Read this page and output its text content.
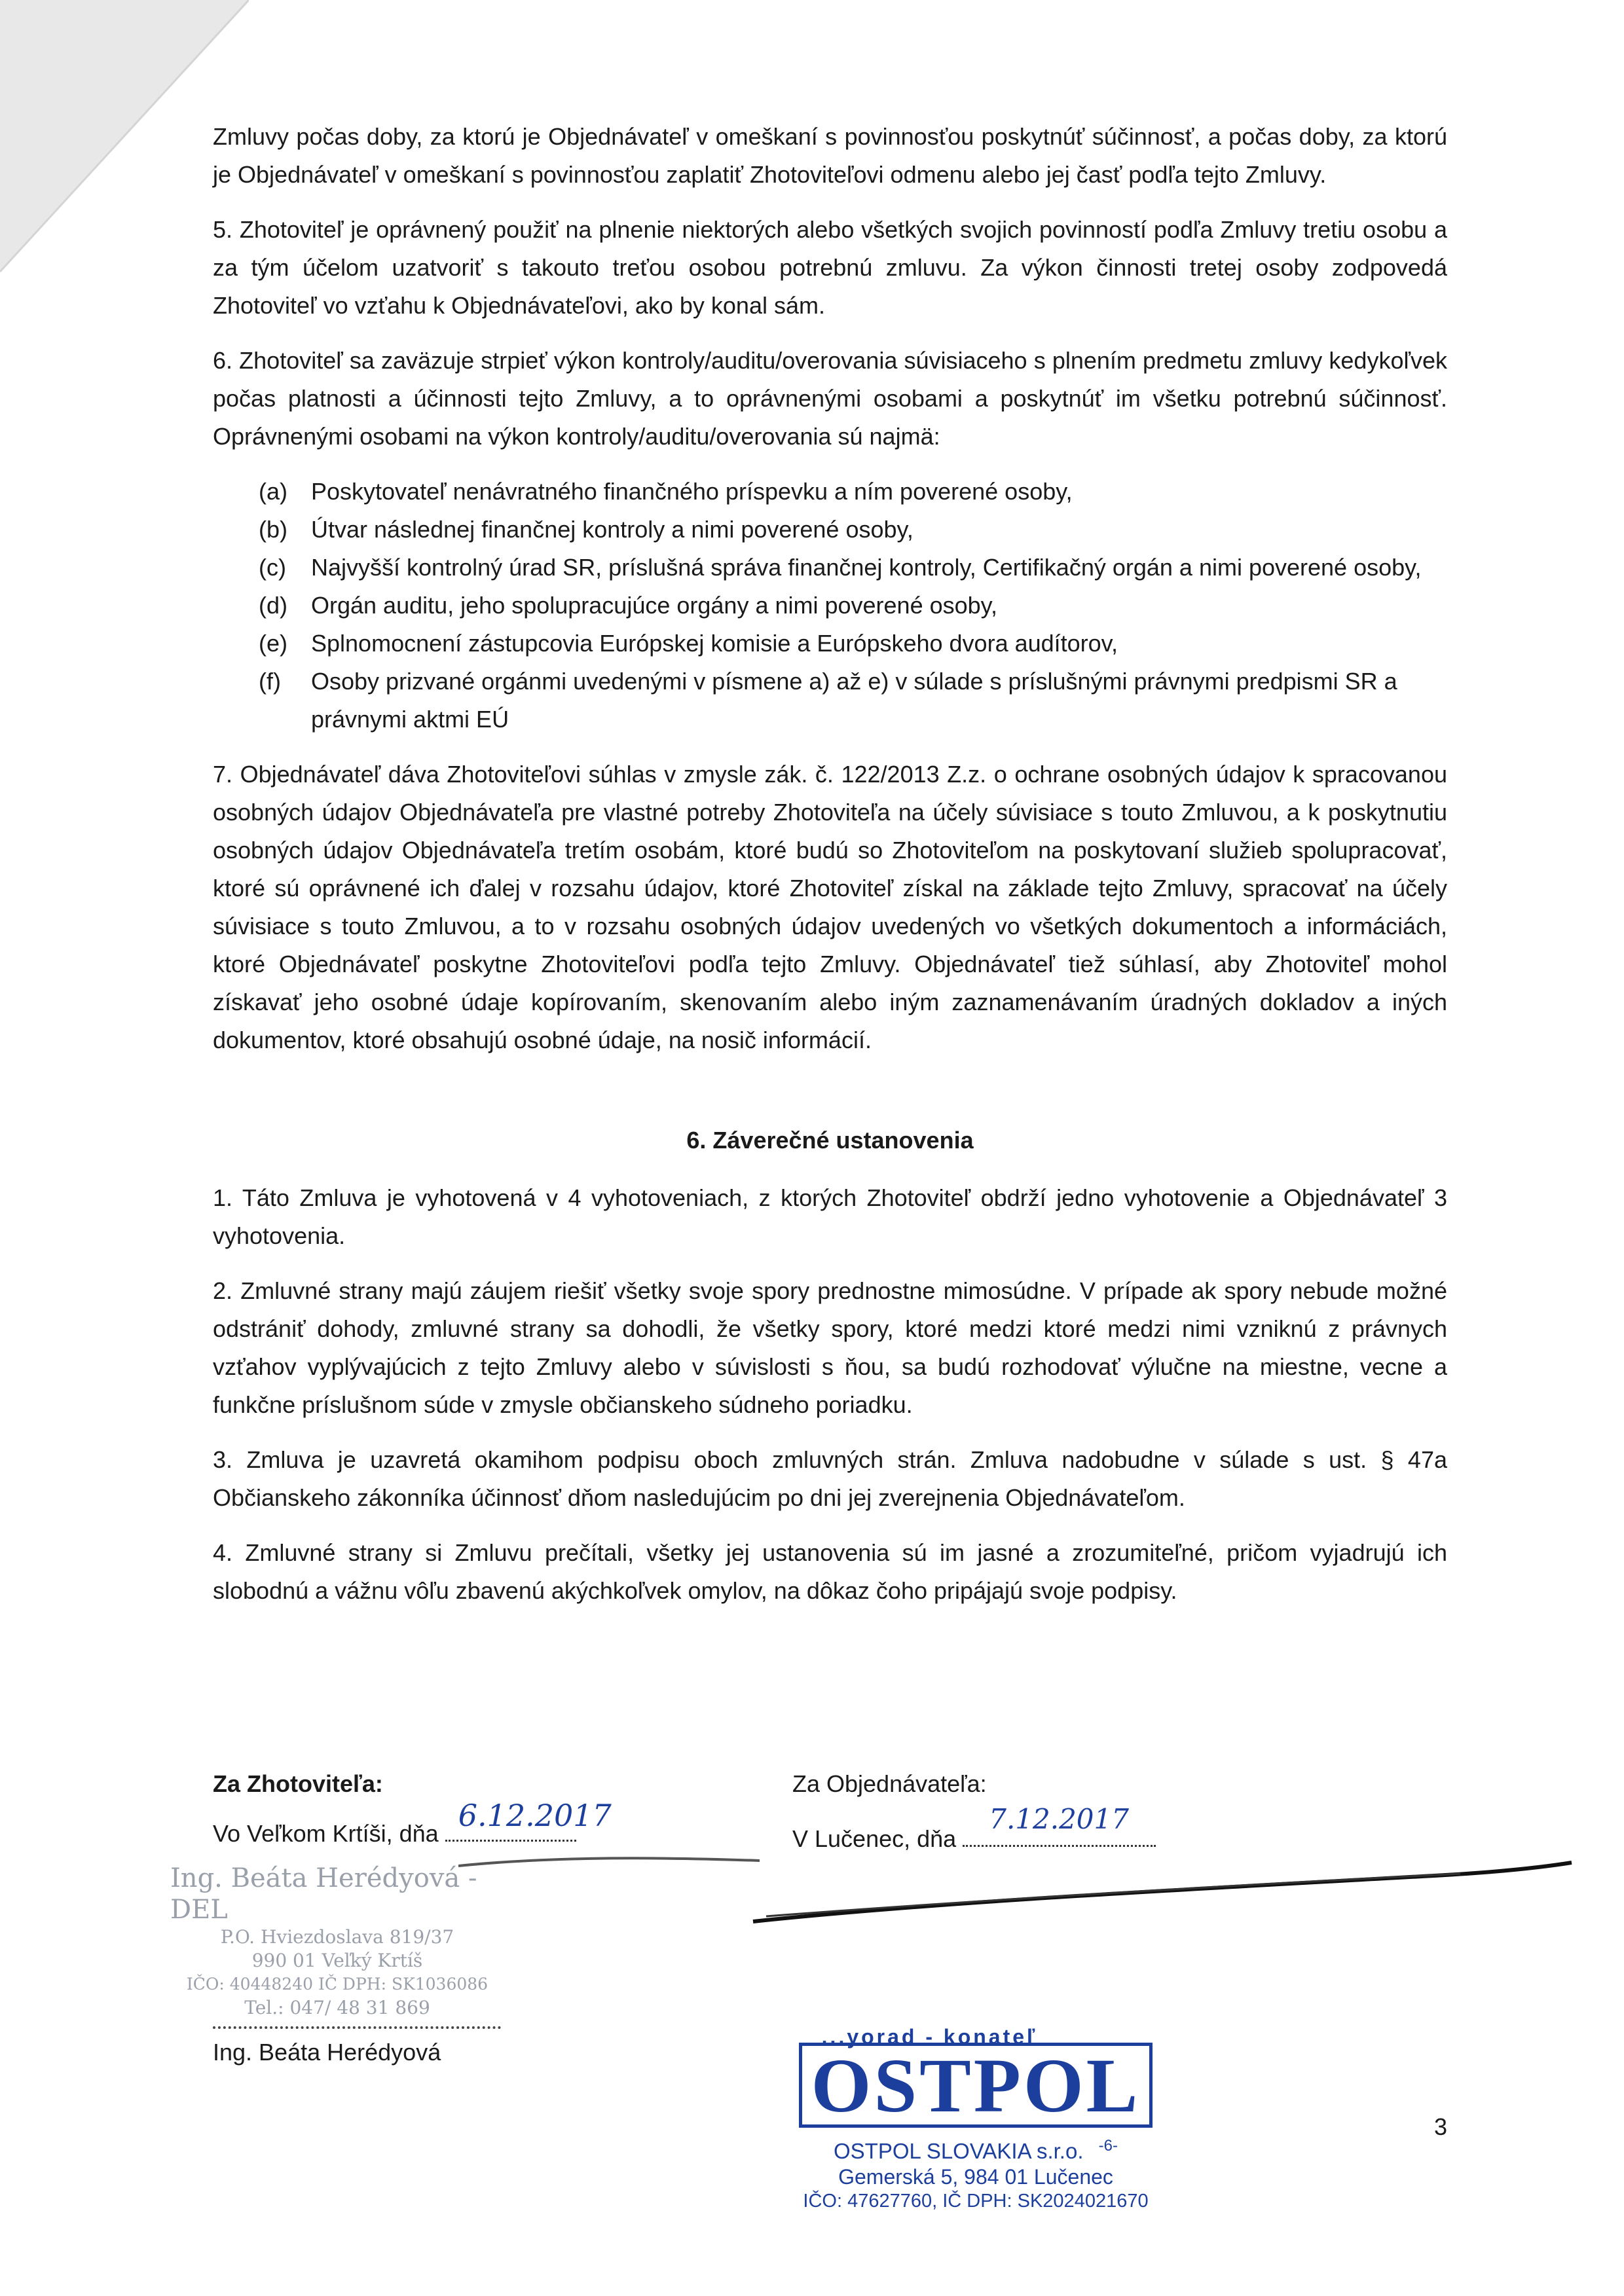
Zmluvy počas doby, za ktorú je Objednávateľ v omeškaní s povinnosťou poskytnúť súčinnosť, a počas doby, za ktorú je Objednávateľ v omeškaní s povinnosťou zaplatiť Zhotoviteľovi odmenu alebo jej časť podľa tejto Zmluvy.

5. Zhotoviteľ je oprávnený použiť na plnenie niektorých alebo všetkých svojich povinností podľa Zmluvy tretiu osobu a za tým účelom uzatvoriť s takouto treťou osobou potrebnú zmluvu. Za výkon činnosti tretej osoby zodpovedá Zhotoviteľ vo vzťahu k Objednávateľovi, ako by konal sám.

6. Zhotoviteľ sa zaväzuje strpieť výkon kontroly/auditu/overovania súvisiaceho s plnením predmetu zmluvy kedykoľvek počas platnosti a účinnosti tejto Zmluvy, a to oprávnenými osobami a poskytnúť im všetku potrebnú súčinnosť. Oprávnenými osobami na výkon kontroly/auditu/overovania sú najmä:

(a)	Poskytovateľ nenávratného finančného príspevku a ním poverené osoby,
(b)	Útvar následnej finančnej kontroly a nimi poverené osoby,
(c)	Najvyšší kontrolný úrad SR, príslušná správa finančnej kontroly, Certifikačný orgán a nimi poverené osoby,
(d)	Orgán auditu, jeho spolupracujúce orgány a nimi poverené osoby,
(e)	Splnomocnení zástupcovia Európskej komisie a Európskeho dvora audítorov,
(f)	Osoby prizvané orgánmi uvedenými v písmene a) až e) v súlade s príslušnými právnymi predpismi SR a právnymi aktmi EÚ

7. Objednávateľ dáva Zhotoviteľovi súhlas v zmysle zák. č. 122/2013 Z.z. o ochrane osobných údajov k spracovanou osobných údajov Objednávateľa pre vlastné potreby Zhotoviteľa na účely súvisiace s touto Zmluvou, a k poskytnutiu osobných údajov Objednávateľa tretím osobám, ktoré budú so Zhotoviteľom na poskytovaní služieb spolupracovať, ktoré sú oprávnené ich ďalej v rozsahu údajov, ktoré Zhotoviteľ získal na základe tejto Zmluvy, spracovať na účely súvisiace s touto Zmluvou, a to v rozsahu osobných údajov uvedených vo všetkých dokumentoch a informáciách, ktoré Objednávateľ poskytne Zhotoviteľovi podľa tejto Zmluvy. Objednávateľ tiež súhlasí, aby Zhotoviteľ mohol získavať jeho osobné údaje kopírovaním, skenovaním alebo iným zaznamenávaním úradných dokladov a iných dokumentov, ktoré obsahujú osobné údaje, na nosič informácií.

6. Záverečné ustanovenia

1. Táto Zmluva je vyhotovená v 4 vyhotoveniach, z ktorých Zhotoviteľ obdrží jedno vyhotovenie a Objednávateľ 3 vyhotovenia.

2. Zmluvné strany majú záujem riešiť všetky svoje spory prednostne mimosúdne. V prípade ak spory nebude možné odstrániť dohody, zmluvné strany sa dohodli, že všetky spory, ktoré medzi ktoré medzi nimi vzniknú z právnych vzťahov vyplývajúcich z tejto Zmluvy alebo v súvislosti s ňou, sa budú rozhodovať výlučne na miestne, vecne a funkčne príslušnom súde v zmysle občianskeho súdneho poriadku.

3. Zmluva je uzavretá okamihom podpisu oboch zmluvných strán. Zmluva nadobudne v súlade s ust. § 47a Občianskeho zákonníka účinnosť dňom nasledujúcim po dni jej zverejnenia Objednávateľom.

4. Zmluvné strany si Zmluvu prečítali, všetky jej ustanovenia sú im jasné a zrozumiteľné, pričom vyjadrujú ich slobodnú a vážnu vôľu zbavenú akýchkoľvek omylov, na dôkaz čoho pripájajú svoje podpisy.

Za Zhotoviteľa:
Vo Veľkom Krtíši, dňa
6.12.2017
Za Objednávateľa:
V Lučenec, dňa
7.12.2017
Ing. Beáta Herédyová - DEL
P.O. Hviezdoslava 819/37
990 01 Veľký Krtíš
IČO: 40448240 IČ DPH: SK1036086
Tel.: 047/ 48 31 869
Ing. Beáta Herédyová
...yorad - konateľ
OSTPOL
OSTPOL SLOVAKIA s.r.o. $^{-6-}$
Gemerská 5, 984 01 Lučenec
IČO: 47627760, IČ DPH: SK2024021670
3
